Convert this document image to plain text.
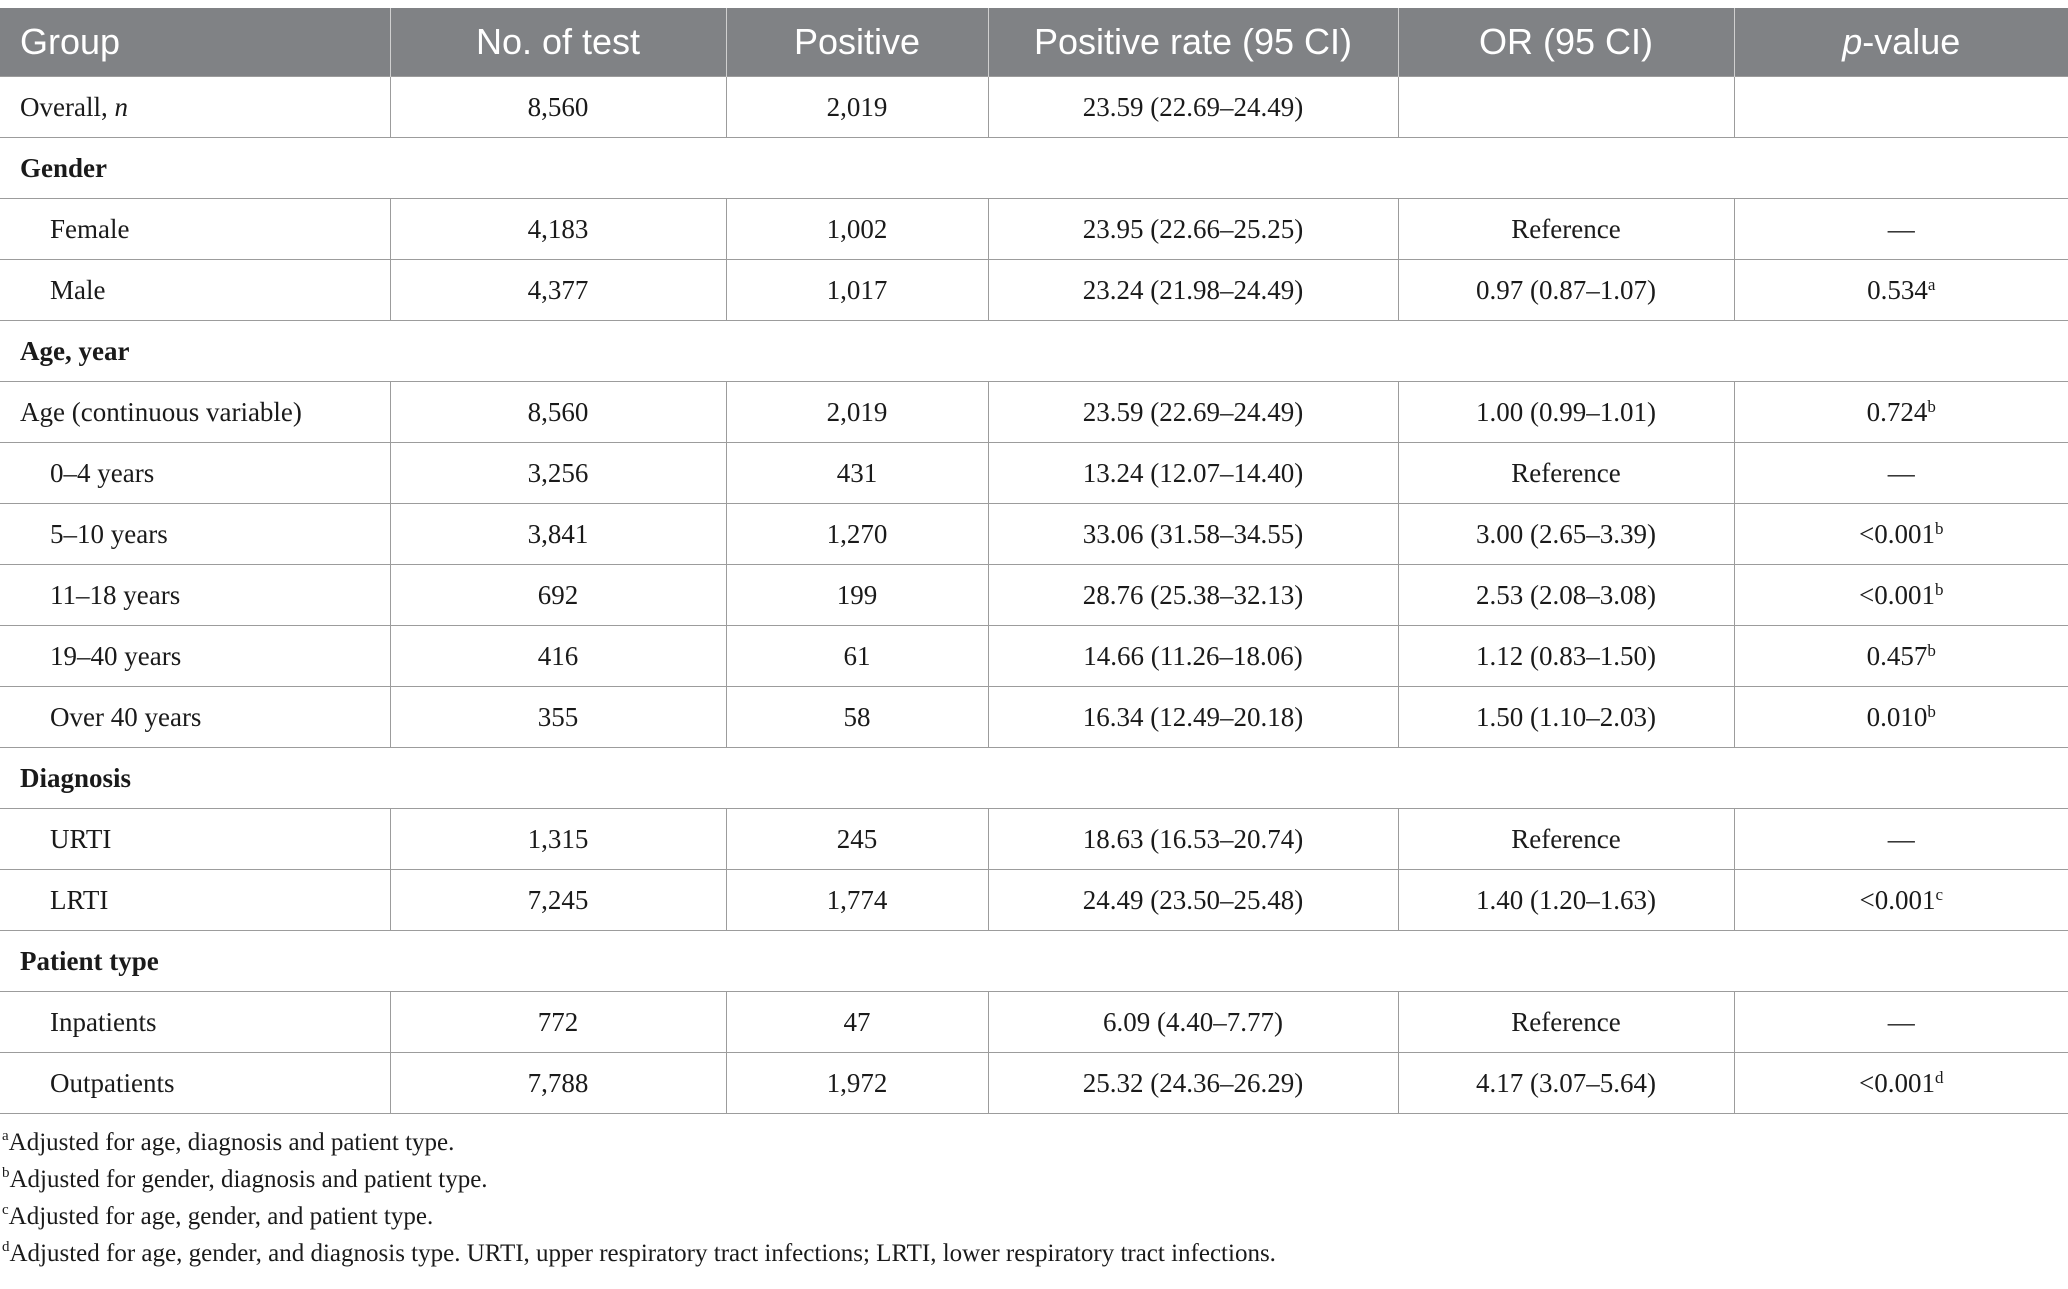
Group	No. of test	Positive	Positive rate (95 CI)	OR (95 CI)	p-value
Overall, n	8,560	2,019	23.59 (22.69–24.49)		
Gender					
Female	4,183	1,002	23.95 (22.66–25.25)	Reference	—
Male	4,377	1,017	23.24 (21.98–24.49)	0.97 (0.87–1.07)	0.534$^a$
Age, year					
Age (continuous variable)	8,560	2,019	23.59 (22.69–24.49)	1.00 (0.99–1.01)	0.724$^b$
0–4 years	3,256	431	13.24 (12.07–14.40)	Reference	—
5–10 years	3,841	1,270	33.06 (31.58–34.55)	3.00 (2.65–3.39)	<0.001$^b$
11–18 years	692	199	28.76 (25.38–32.13)	2.53 (2.08–3.08)	<0.001$^b$
19–40 years	416	61	14.66 (11.26–18.06)	1.12 (0.83–1.50)	0.457$^b$
Over 40 years	355	58	16.34 (12.49–20.18)	1.50 (1.10–2.03)	0.010$^b$
Diagnosis					
URTI	1,315	245	18.63 (16.53–20.74)	Reference	—
LRTI	7,245	1,774	24.49 (23.50–25.48)	1.40 (1.20–1.63)	<0.001$^c$
Patient type					
Inpatients	772	47	6.09 (4.40–7.77)	Reference	—
Outpatients	7,788	1,972	25.32 (24.36–26.29)	4.17 (3.07–5.64)	<0.001$^d$
$^a$Adjusted for age, diagnosis and patient type.
$^b$Adjusted for gender, diagnosis and patient type.
$^c$Adjusted for age, gender, and patient type.
$^d$Adjusted for age, gender, and diagnosis type. URTI, upper respiratory tract infections; LRTI, lower respiratory tract infections.
